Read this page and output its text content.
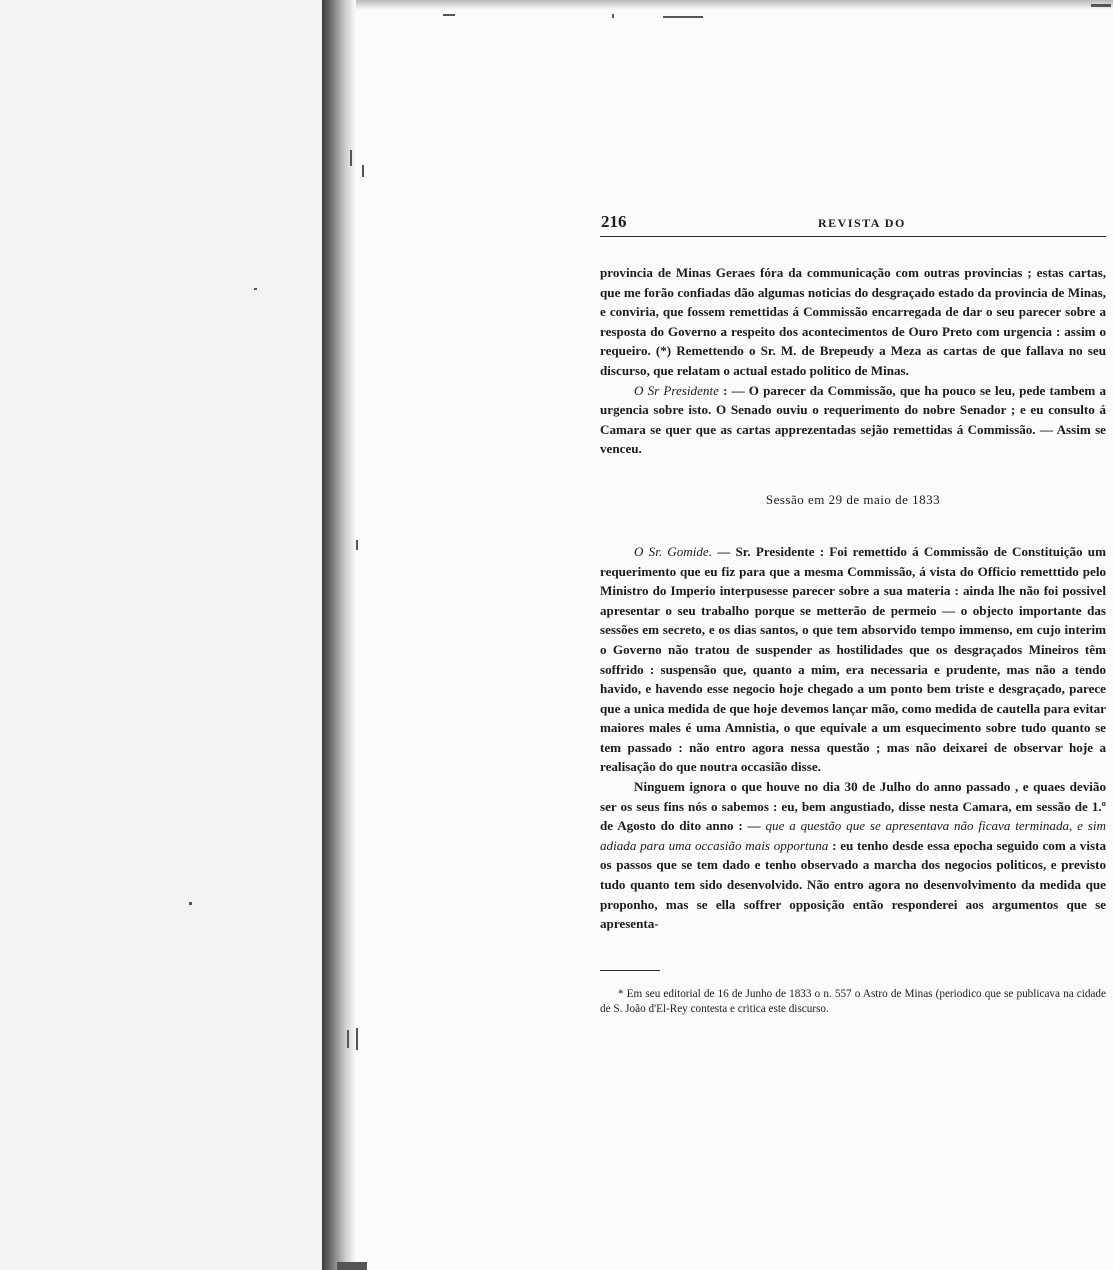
216	REVISTA DO

provincia de Minas Geraes fóra da communicação com outras provincias ; estas cartas, que me forão confiadas dão algumas noticias do desgraçado estado da provincia de Minas, e conviria, que fossem remettidas á Commissão encarregada de dar o seu parecer sobre a resposta do Governo a respeito dos acontecimentos de Ouro Preto com urgencia : assim o requeiro. (*) Remettendo o Sr. M. de Brepeudy a Meza as cartas de que fallava no seu discurso, que relatam o actual estado politico de Minas.

O Sr Presidente : — O parecer da Commissão, que ha pouco se leu, pede tambem a urgencia sobre isto. O Senado ouviu o requerimento do nobre Senador ; e eu consulto á Camara se quer que as cartas apprezentadas sejão remettidas á Commissão. — Assim se venceu.

Sessão em 29 de maio de 1833

O Sr. Gomide. — Sr. Presidente : Foi remettido á Commissão de Constituição um requerimento que eu fiz para que a mesma Commissão, á vista do Officio remetttido pelo Ministro do Imperio interpusesse parecer sobre a sua materia : ainda lhe não foi possivel apresentar o seu trabalho porque se metterão de permeio — o objecto importante das sessões em secreto, e os dias santos, o que tem absorvido tempo immenso, em cujo interim o Governo não tratou de suspender as hostilidades que os desgraçados Mineiros têm soffrido : suspensão que, quanto a mim, era necessaria e prudente, mas não a tendo havido, e havendo esse negocio hoje chegado a um ponto bem triste e desgraçado, parece que a unica medida de que hoje devemos lançar mão, como medida de cautella para evitar maiores males é uma Amnistia, o que equivale a um esquecimento sobre tudo quanto se tem passado : não entro agora nessa questão ; mas não deixarei de observar hoje a realisação do que noutra occasião disse.

Ninguem ignora o que houve no dia 30 de Julho do anno passado , e quaes devião ser os seus fins nós o sabemos : eu, bem angustiado, disse nesta Camara, em sessão de 1.º de Agosto do dito anno : — que a questão que se apresentava não ficava terminada, e sim adiada para uma occasião mais opportuna : eu tenho desde essa epocha seguido com a vista os passos que se tem dado e tenho observado a marcha dos negocios politicos, e previsto tudo quanto tem sido desenvolvido. Não entro agora no desenvolvimento da medida que proponho, mas se ella soffrer opposição então responderei aos argumentos que se apresenta-

* Em seu editorial de 16 de Junho de 1833 o n. 557 o Astro de Minas (periodico que se publicava na cidade de S. João d'El-Rey contesta e critica este discurso.
